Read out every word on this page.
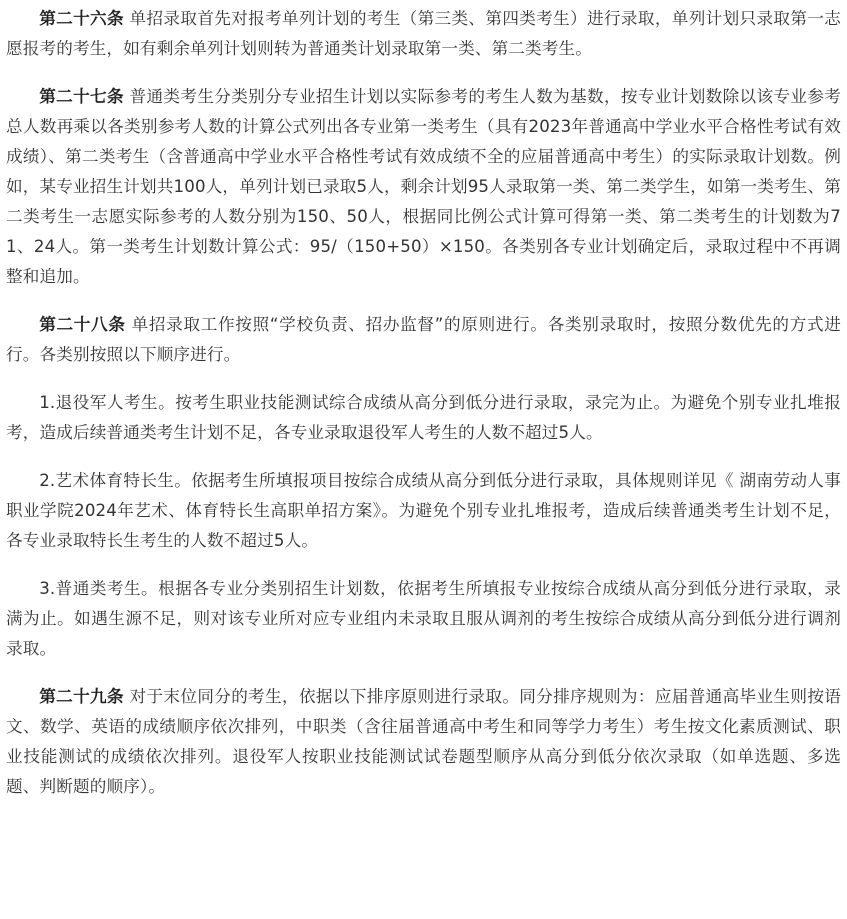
第二十六条 单招录取首先对报考单列计划的考生（第三类、第四类考生）进行录取，单列计划只录取第一志愿报考的考生，如有剩余单列计划则转为普通类计划录取第一类、第二类考生。

第二十七条 普通类考生分类别分专业招生计划以实际参考的考生人数为基数，按专业计划数除以该专业参考总人数再乘以各类别参考人数的计算公式列出各专业第一类考生（具有2023年普通高中学业水平合格性考试有效成绩）、第二类考生（含普通高中学业水平合格性考试有效成绩不全的应届普通高中考生）的实际录取计划数。例如，某专业招生计划共100人，单列计划已录取5人，剩余计划95人录取第一类、第二类学生，如第一类考生、第二类考生一志愿实际参考的人数分别为150、50人，根据同比例公式计算可得第一类、第二类考生的计划数为71、24人。第一类考生计划数计算公式：95/（150+50）×150。各类别各专业计划确定后，录取过程中不再调整和追加。

第二十八条 单招录取工作按照“学校负责、招办监督”的原则进行。各类别录取时，按照分数优先的方式进行。各类别按照以下顺序进行。

1.退役军人考生。按考生职业技能测试综合成绩从高分到低分进行录取，录完为止。为避免个别专业扎堆报考，造成后续普通类考生计划不足，各专业录取退役军人考生的人数不超过5人。

2.艺术体育特长生。依据考生所填报项目按综合成绩从高分到低分进行录取，具体规则详见《 湖南劳动人事职业学院2024年艺术、体育特长生高职单招方案》。为避免个别专业扎堆报考，造成后续普通类考生计划不足，各专业录取特长生考生的人数不超过5人。

3.普通类考生。根据各专业分类别招生计划数，依据考生所填报专业按综合成绩从高分到低分进行录取，录满为止。如遇生源不足，则对该专业所对应专业组内未录取且服从调剂的考生按综合成绩从高分到低分进行调剂录取。

第二十九条 对于末位同分的考生，依据以下排序原则进行录取。同分排序规则为：应届普通高毕业生则按语文、数学、英语的成绩顺序依次排列，中职类（含往届普通高中考生和同等学力考生）考生按文化素质测试、职业技能测试的成绩依次排列。退役军人按职业技能测试试卷题型顺序从高分到低分依次录取（如单选题、多选题、判断题的顺序）。
